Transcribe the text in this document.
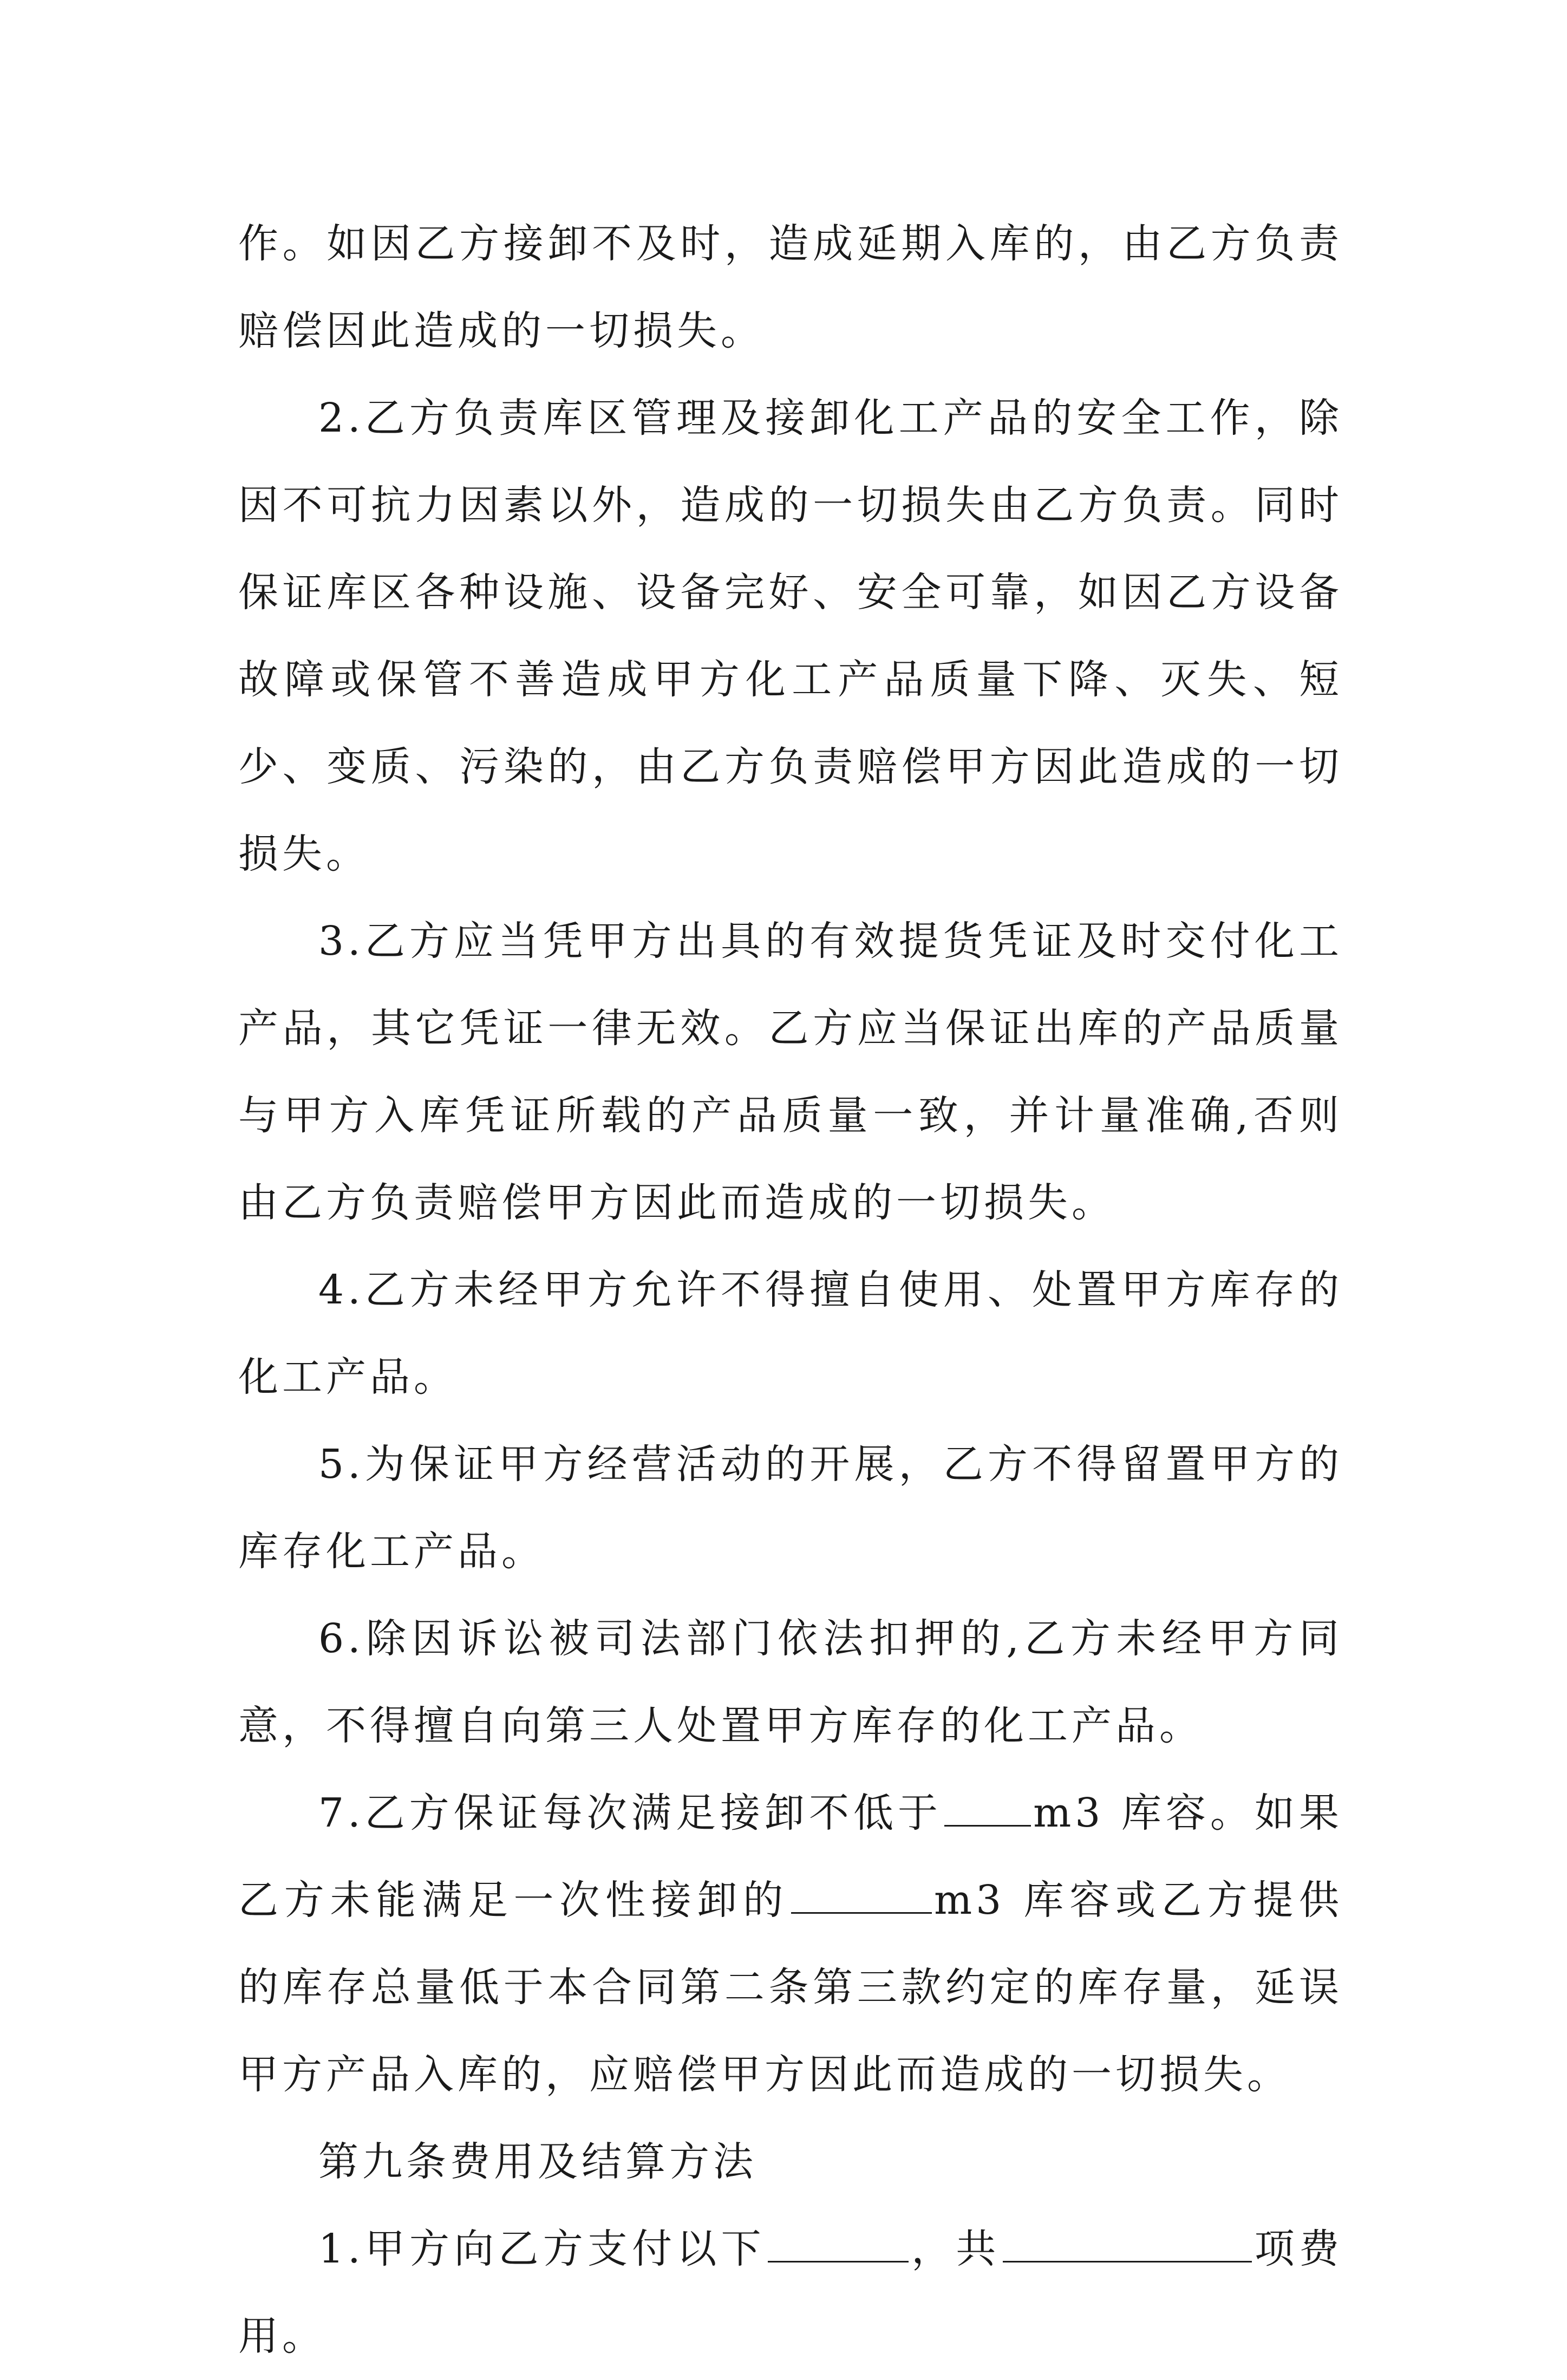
作。如因乙方接卸不及时，造成延期入库的，由乙方负责赔偿因此造成的一切损失。

2.乙方负责库区管理及接卸化工产品的安全工作，除因不可抗力因素以外，造成的一切损失由乙方负责。同时保证库区各种设施、设备完好、安全可靠，如因乙方设备故障或保管不善造成甲方化工产品质量下降、灭失、短少、变质、污染的，由乙方负责赔偿甲方因此造成的一切损失。

3.乙方应当凭甲方出具的有效提货凭证及时交付化工产品，其它凭证一律无效。乙方应当保证出库的产品质量与甲方入库凭证所载的产品质量一致，并计量准确,否则由乙方负责赔偿甲方因此而造成的一切损失。

4.乙方未经甲方允许不得擅自使用、处置甲方库存的化工产品。

5.为保证甲方经营活动的开展，乙方不得留置甲方的库存化工产品。

6.除因诉讼被司法部门依法扣押的,乙方未经甲方同意，不得擅自向第三人处置甲方库存的化工产品。

7.乙方保证每次满足接卸不低于 m3 库容。如果乙方未能满足一次性接卸的	m3 库容或乙方提供的库存总量低于本合同第二条第三款约定的库存量，延误甲方产品入库的，应赔偿甲方因此而造成的一切损失。

第九条费用及结算方法

1.甲方向乙方支付以下	，共	项费用。
